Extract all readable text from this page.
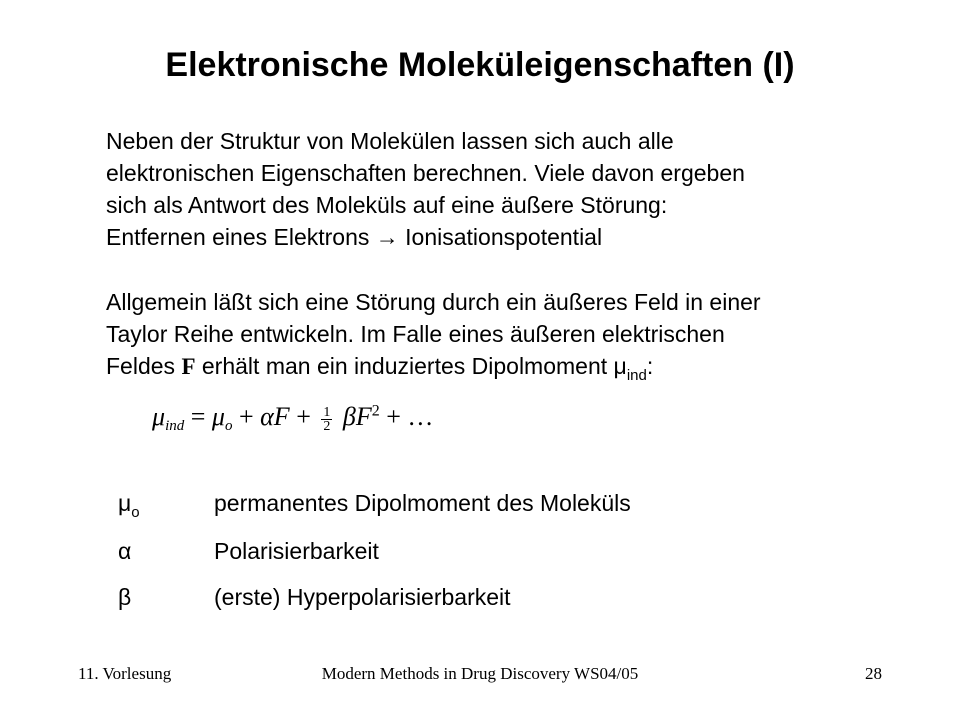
Elektronische Moleküleigenschaften (I)
Neben der Struktur von Molekülen lassen sich auch alle
elektronischen Eigenschaften berechnen. Viele davon ergeben
sich als Antwort des Moleküls auf eine äußere Störung:
Entfernen eines Elektrons → Ionisationspotential
Allgemein läßt sich eine Störung durch ein äußeres Feld in einer
Taylor Reihe entwickeln. Im Falle eines äußeren elektrischen
Feldes F erhält man ein induziertes Dipolmoment $\mu_{ind}$:
$\mu ind = \mu o + \alpha F + \frac{1}{2} \beta F^2$ + …
$\mu_o$	permanentes Dipolmoment des Moleküls
α	Polarisierbarkeit
β	(erste) Hyperpolarisierbarkeit
11. Vorlesung	Modern Methods in Drug Discovery WS04/05	28
